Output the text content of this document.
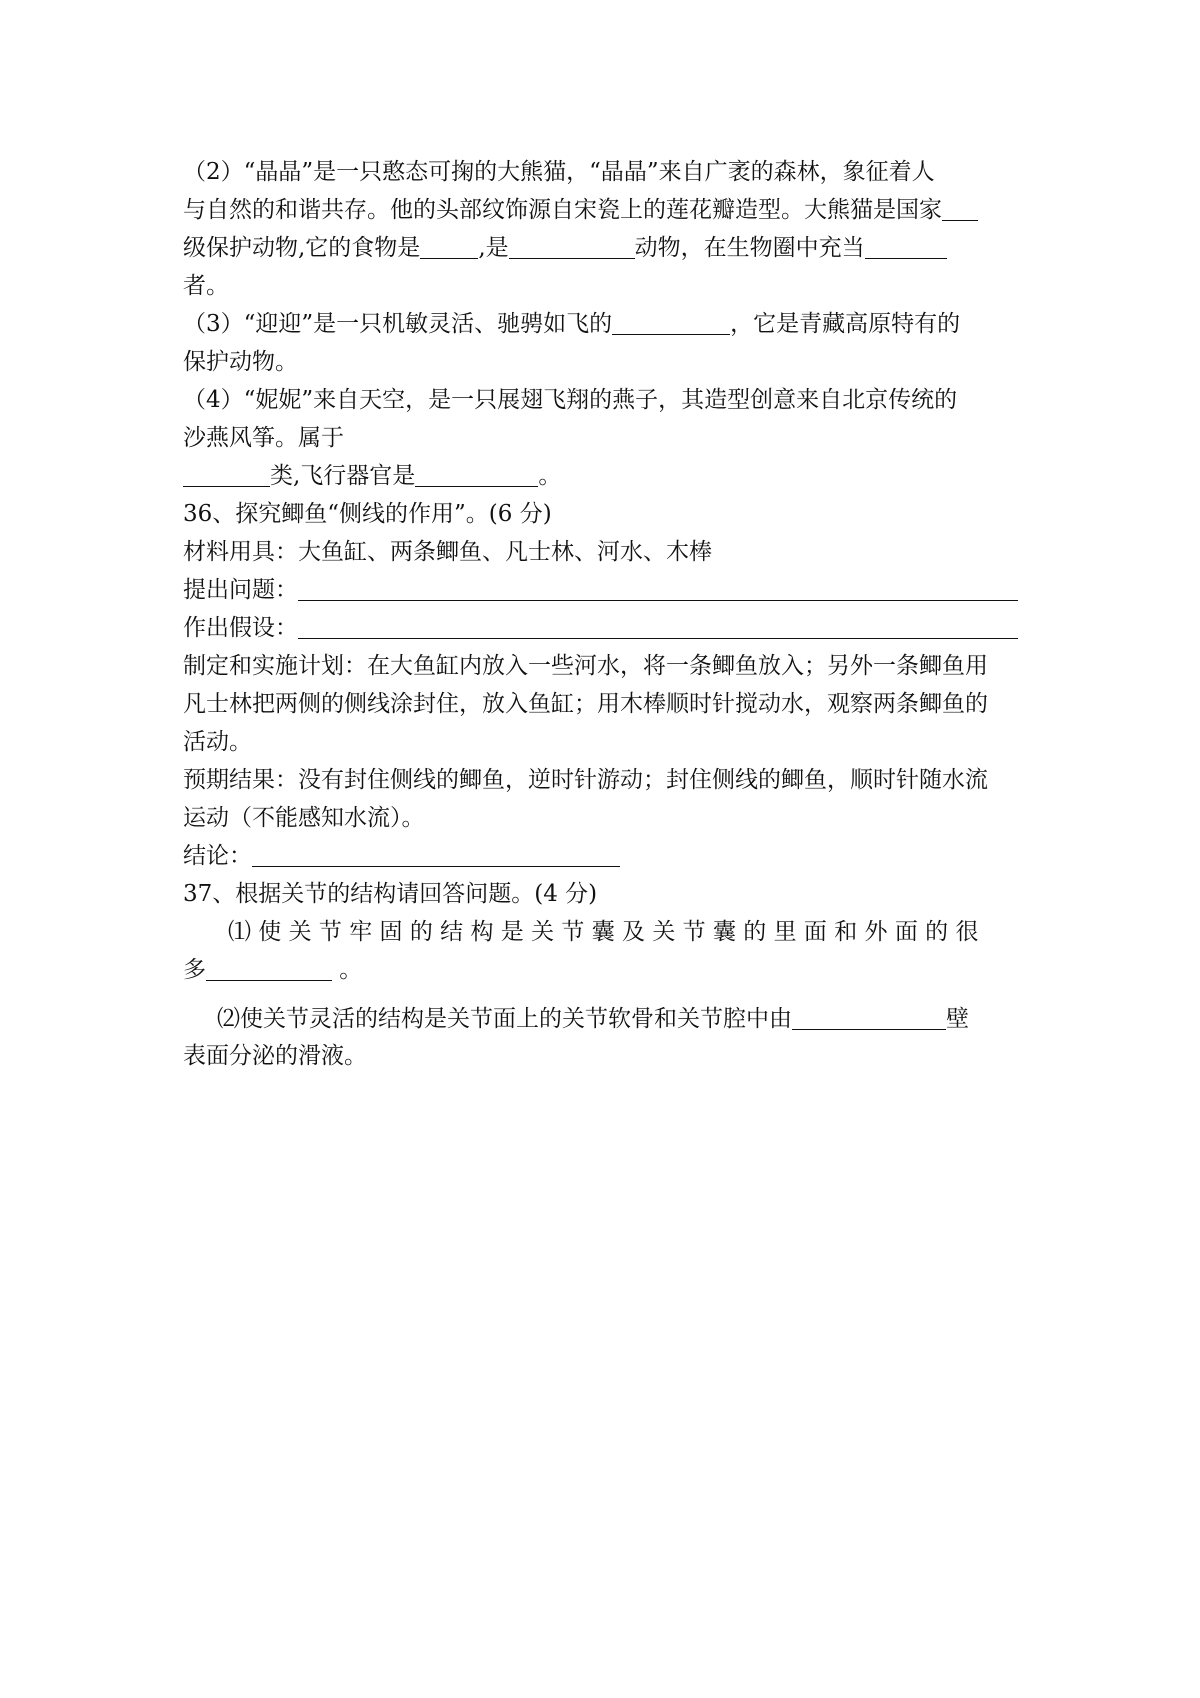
（2）“晶晶”是一只憨态可掬的大熊猫，“晶晶”来自广袤的森林，象征着人
与自然的和谐共存。他的头部纹饰源自宋瓷上的莲花瓣造型。大熊猫是国家
级保护动物,它的食物是	,是	动物，在生物圈中充当
者。
（3）“迎迎”是一只机敏灵活、驰骋如飞的	，它是青藏高原特有的
保护动物。
（4）“妮妮”来自天空，是一只展翅飞翔的燕子，其造型创意来自北京传统的
沙燕风筝。属于
类,飞行器官是	。
36、探究鲫鱼“侧线的作用”。(6 分)
材料用具：大鱼缸、两条鲫鱼、凡士林、河水、木棒
提出问题：
作出假设：
制定和实施计划：在大鱼缸内放入一些河水，将一条鲫鱼放入；另外一条鲫鱼用
凡士林把两侧的侧线涂封住，放入鱼缸；用木棒顺时针搅动水，观察两条鲫鱼的
活动。
预期结果：没有封住侧线的鲫鱼，逆时针游动；封住侧线的鲫鱼，顺时针随水流
运动（不能感知水流）。
结论：
37、根据关节的结构请回答问题。(4 分)
⑴ 使 关 节 牢 固 的 结 构 是 关 节 囊 及 关 节 囊 的 里 面 和 外 面 的 很
多	。
⑵使关节灵活的结构是关节面上的关节软骨和关节腔中由	壁
表面分泌的滑液。
